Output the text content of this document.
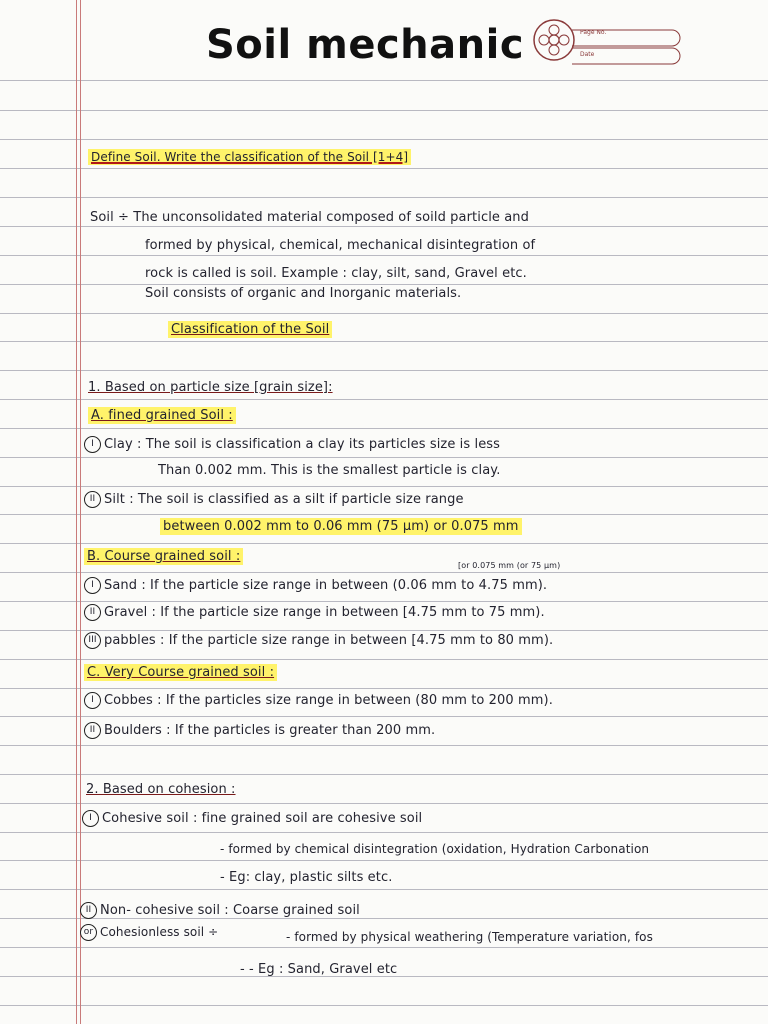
Soil mechanic	Page No.
Date
Define Soil. Write the classification of the Soil [1+4]
Soil ÷ The unconsolidated material composed of soild particle and
formed by physical, chemical, mechanical disintegration of
rock is called is soil. Example : clay, silt, sand, Gravel etc.
Soil consists of organic and Inorganic materials.
Classification of the Soil
1. Based on particle size [grain size]:
A. fined grained Soil :
I Clay : The soil is classification a clay its particles size is less
Than 0.002 mm. This is the smallest particle is clay.
II Silt : The soil is classified as a silt if particle size range
between 0.002 mm to 0.06 mm (75 µm) or 0.075 mm
B. Course grained soil :
[or 0.075 mm (or 75 µm)
I Sand : If the particle size range in between (0.06 mm to 4.75 mm).
II Gravel : If the particle size range in between [4.75 mm to 75 mm).
III pabbles : If the particle size range in between [4.75 mm to 80 mm).
C. Very Course grained soil :
I Cobbes : If the particles size range in between (80 mm to 200 mm).
II Boulders : If the particles is greater than 200 mm.
2. Based on cohesion :
I Cohesive soil : fine grained soil are cohesive soil
- formed by chemical disintegration (oxidation, Hydration Carbonation
- Eg: clay, plastic silts etc.
II Non- cohesive soil : Coarse grained soil
or Cohesionless soil ÷	- formed by physical weathering (Temperature variation, fos
- - Eg : Sand, Gravel etc
